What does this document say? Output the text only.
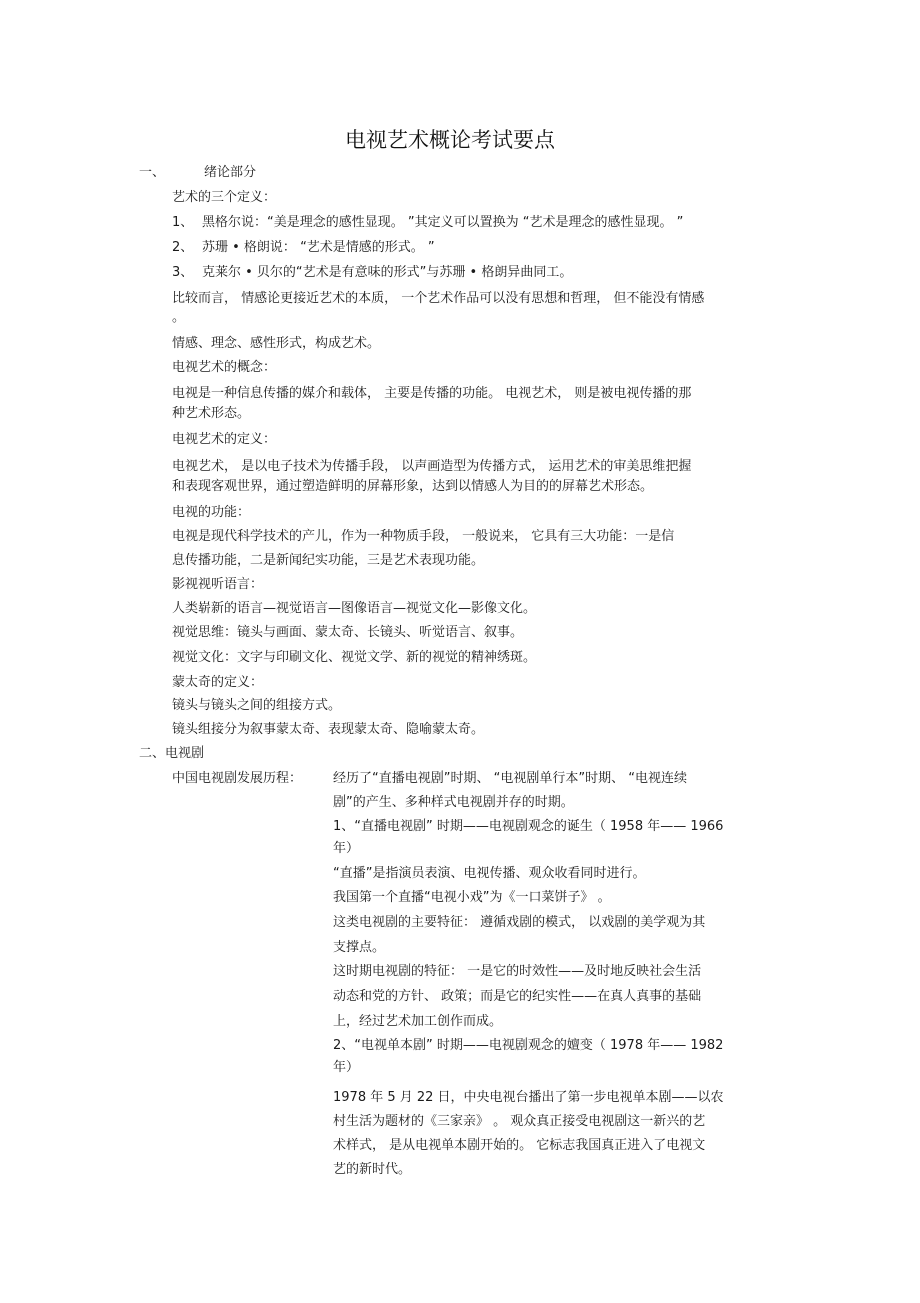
电视艺术概论考试要点
一、	绪论部分
艺术的三个定义：
1、 黑格尔说：“美是理念的感性显现。 ”其定义可以置换为 “艺术是理念的感性显现。 ”
2、 苏珊 • 格朗说： “艺术是情感的形式。 ”
3、 克莱尔 • 贝尔的“艺术是有意味的形式”与苏珊 • 格朗异曲同工。
比较而言， 情感论更接近艺术的本质， 一个艺术作品可以没有思想和哲理， 但不能没有情感
。
情感、理念、感性形式，构成艺术。
电视艺术的概念：
电视是一种信息传播的媒介和载体， 主要是传播的功能。 电视艺术， 则是被电视传播的那
种艺术形态。
电视艺术的定义：
电视艺术， 是以电子技术为传播手段， 以声画造型为传播方式， 运用艺术的审美思维把握
和表现客观世界，通过塑造鲜明的屏幕形象，达到以情感人为目的的屏幕艺术形态。
电视的功能：
电视是现代科学技术的产儿，作为一种物质手段， 一般说来， 它具有三大功能：一是信
息传播功能，二是新闻纪实功能，三是艺术表现功能。
影视视听语言：
人类崭新的语言—视觉语言—图像语言—视觉文化—影像文化。
视觉思维：镜头与画面、蒙太奇、长镜头、听觉语言、叙事。
视觉文化：文字与印刷文化、视觉文学、新的视觉的精神绣斑。
蒙太奇的定义：
镜头与镜头之间的组接方式。
镜头组接分为叙事蒙太奇、表现蒙太奇、隐喻蒙太奇。
二、电视剧
中国电视剧发展历程： 经历了“直播电视剧”时期、 “电视剧单行本”时期、 “电视连续
剧”的产生、多种样式电视剧并存的时期。
1、“直播电视剧” 时期——电视剧观念的诞生（ 1958 年—— 1966
年）
“直播”是指演员表演、电视传播、观众收看同时进行。
我国第一个直播“电视小戏”为《一口菜饼子》 。
这类电视剧的主要特征： 遵循戏剧的模式， 以戏剧的美学观为其
支撑点。
这时期电视剧的特征： 一是它的时效性——及时地反映社会生活
动态和党的方针、 政策；而是它的纪实性——在真人真事的基础
上，经过艺术加工创作而成。
2、“电视单本剧” 时期——电视剧观念的嬗变（ 1978 年—— 1982
年）
1978 年 5 月 22 日，中央电视台播出了第一步电视单本剧——以农
村生活为题材的《三家亲》 。 观众真正接受电视剧这一新兴的艺
术样式， 是从电视单本剧开始的。 它标志我国真正进入了电视文
艺的新时代。
